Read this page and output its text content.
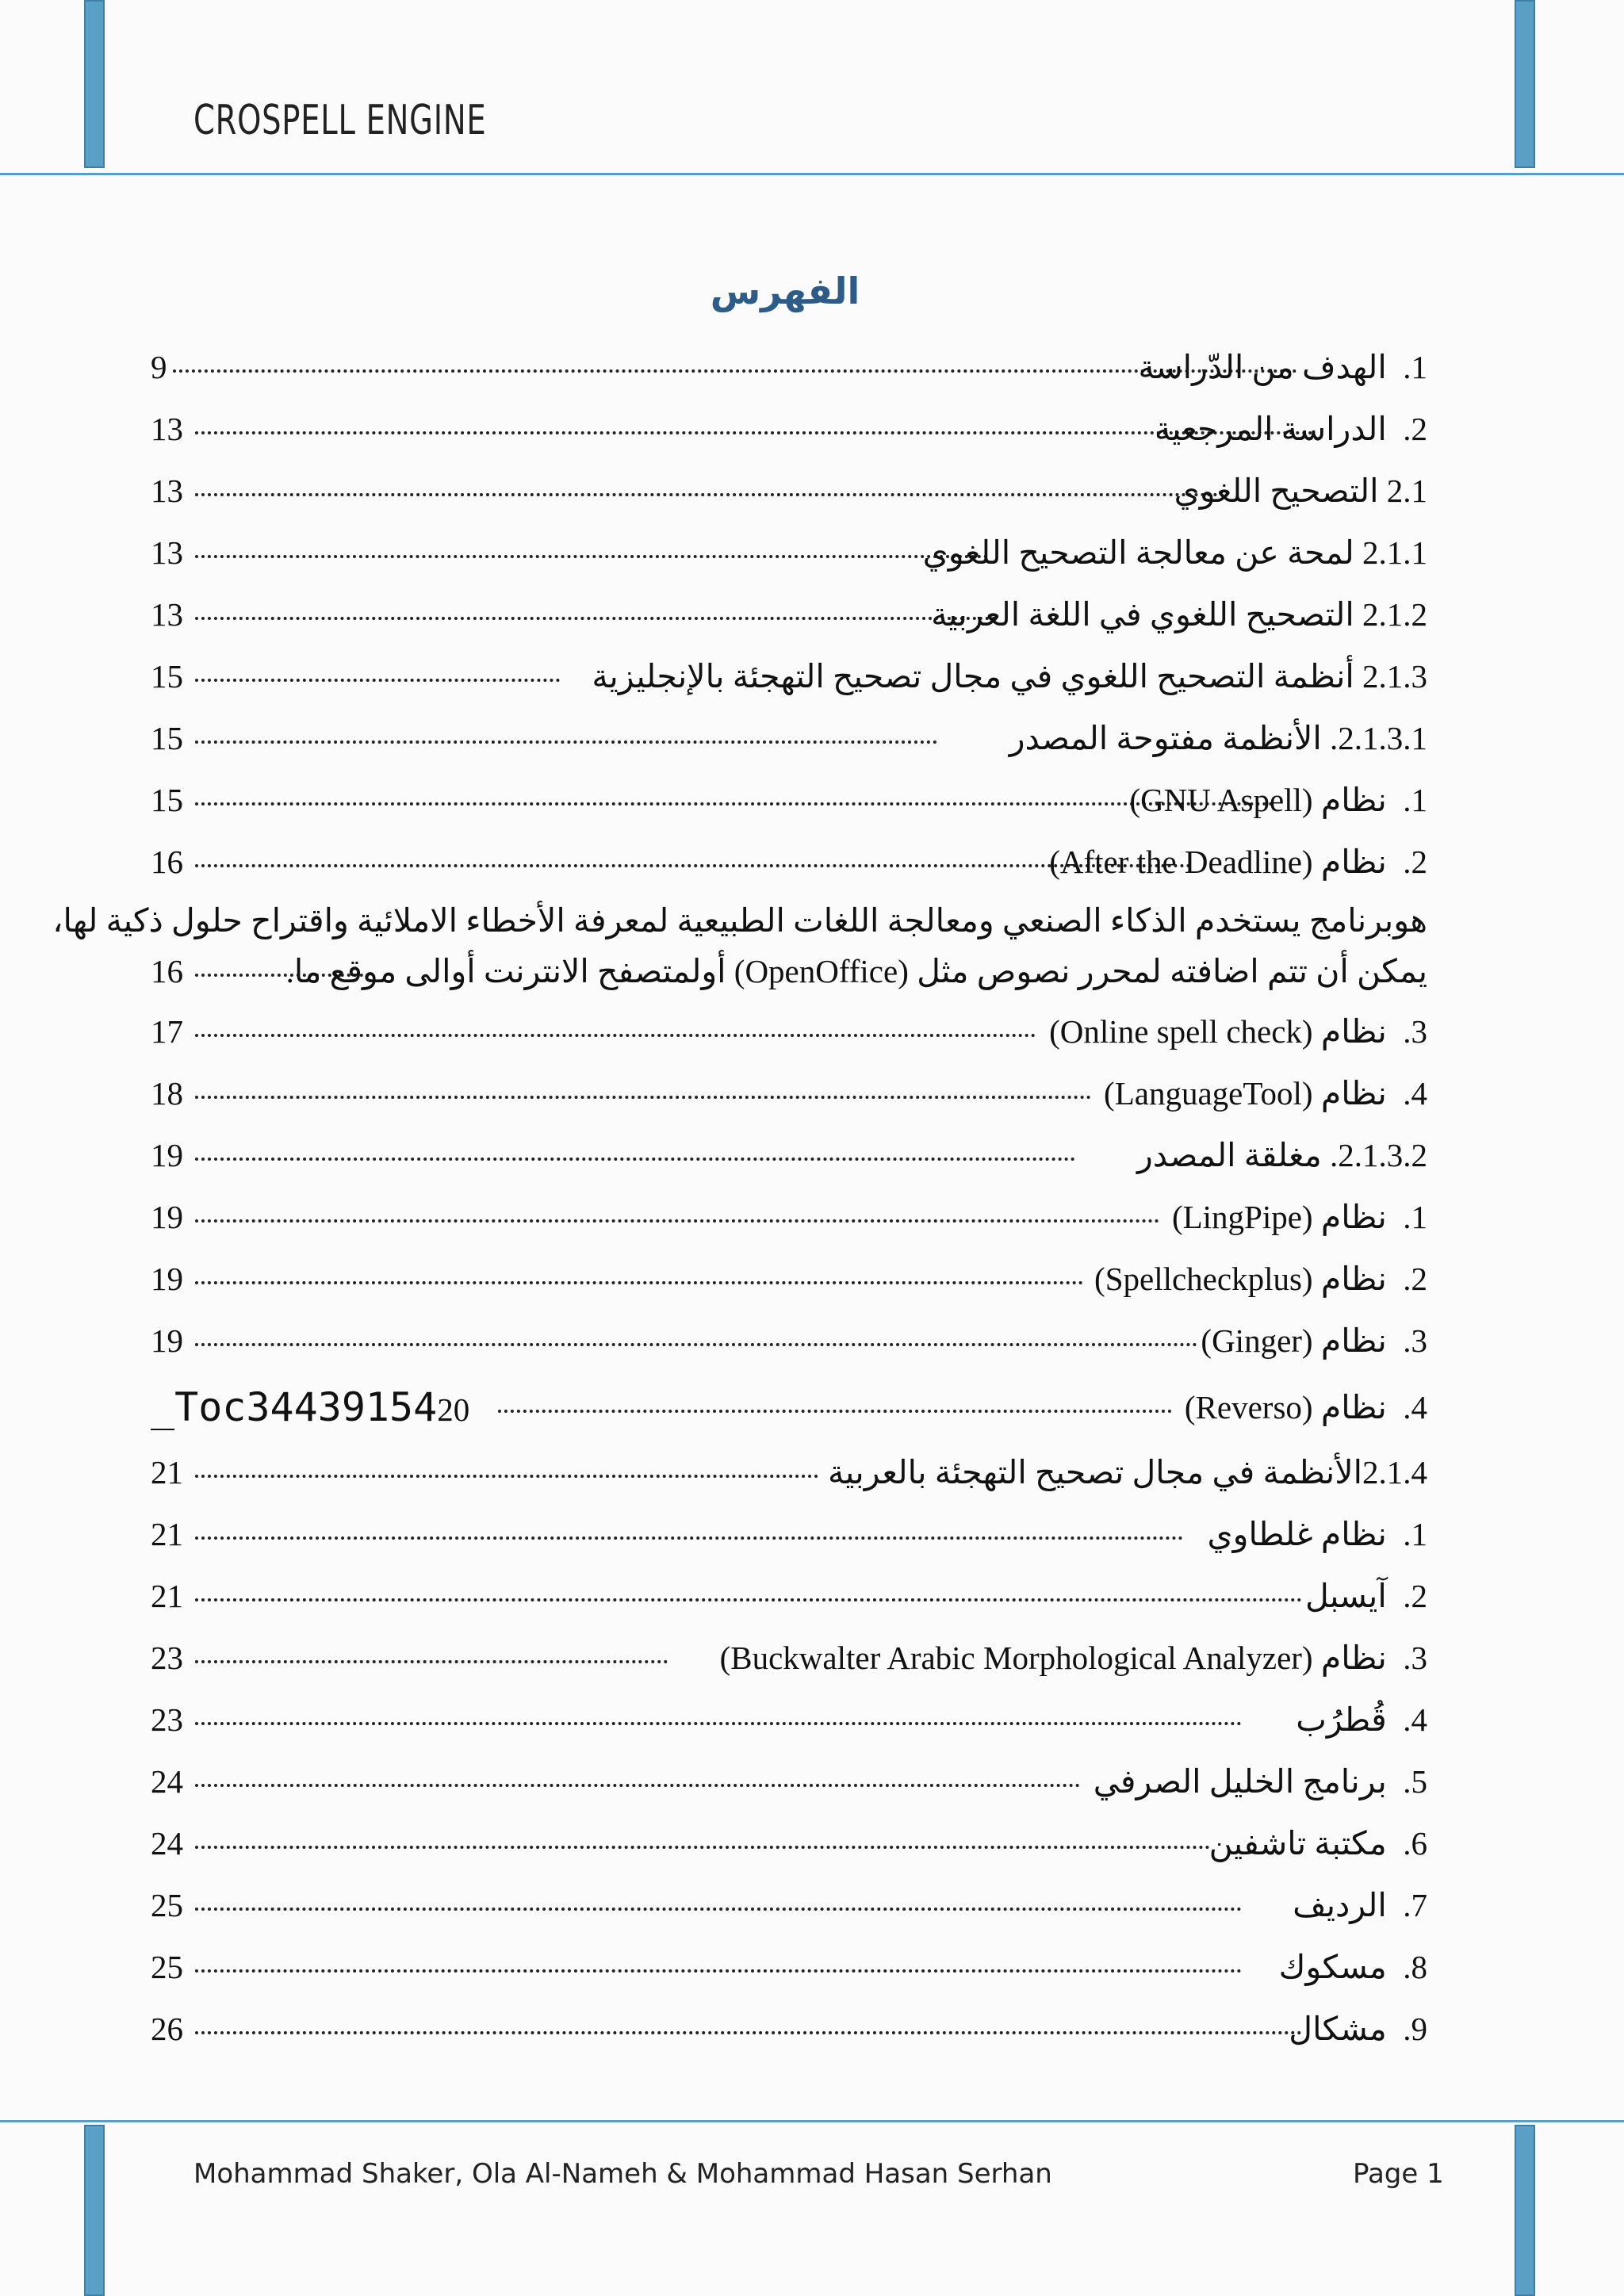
CROSPELL ENGINE
الفهرس
9	1.  الهدف من الدّراسة
13	2.  الدراسة المرجعية
13	2.1 التصحيح اللغوي
13	2.1.1 لمحة عن معالجة التصحيح اللغوي
13	2.1.2 التصحيح اللغوي في اللغة العربية
15	2.1.3 أنظمة التصحيح اللغوي في مجال تصحيح التهجئة بالإنجليزية
15	2.1.3.1. الأنظمة مفتوحة المصدر
15	1.  نظام (GNU Aspell)
16	2.  نظام (After the Deadline)
هوبرنامج يستخدم الذكاء الصنعي ومعالجة اللغات الطبيعية لمعرفة الأخطاء الاملائية واقتراح حلول ذكية لها،
16	يمكن أن تتم اضافته لمحرر نصوص مثل (OpenOffice) أولمتصفح الانترنت أوالى موقع ما.
17	3.  نظام (Online spell check)
18	4.  نظام (LanguageTool)
19	2.1.3.2. مغلقة المصدر
19	1.  نظام (LingPipe)
19	2.  نظام (Spellcheckplus)
19	3.  نظام (Ginger)
_Toc3443915420	4.  نظام (Reverso)
21	2.1.4الأنظمة في مجال تصحيح التهجئة بالعربية
21	1.  نظام غلطاوي
21	2.  آيسبل
23	3.  نظام (Buckwalter Arabic Morphological Analyzer)
23	4.  قُطرُب
24	5.  برنامج الخليل الصرفي
24	6.  مكتبة تاشفين
25	7.  الرديف
25	8.  مسكوك
26	9.  مشكال
Mohammad Shaker, Ola Al-Nameh & Mohammad Hasan Serhan	Page 1
